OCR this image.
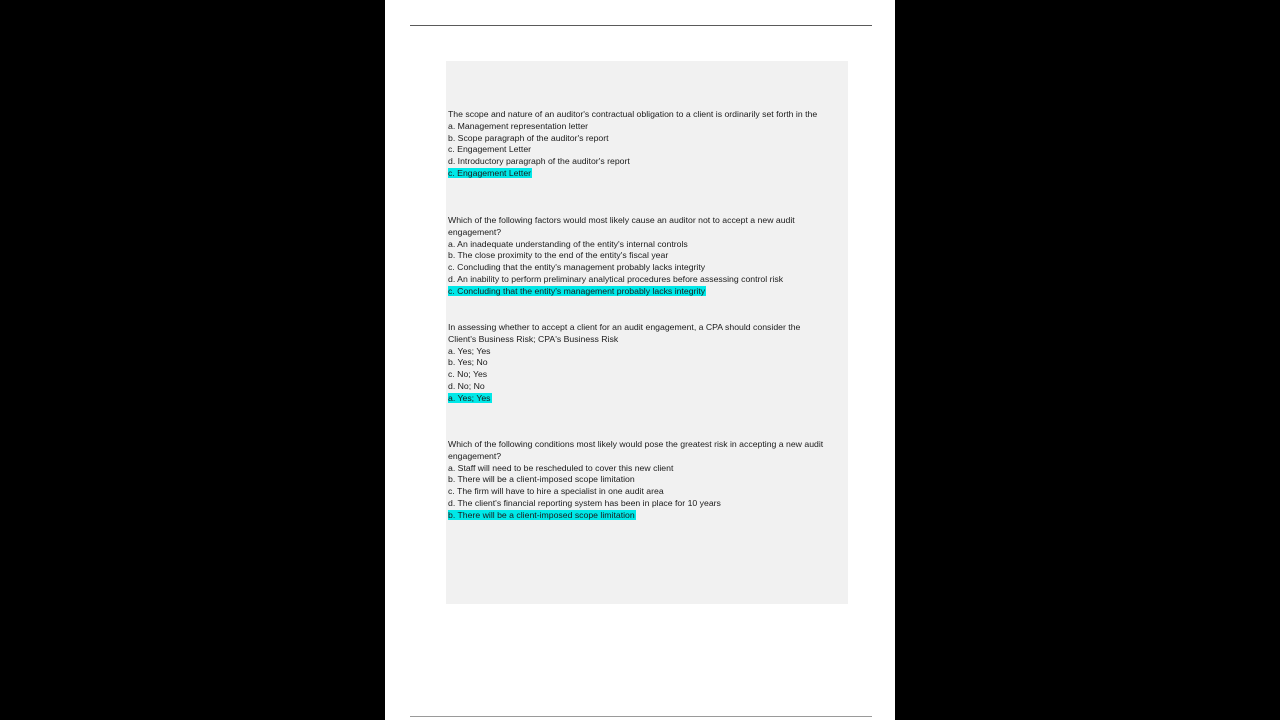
The scope and nature of an auditor's contractual obligation to a client is ordinarily set forth in the

a. Management representation letter

b. Scope paragraph of the auditor's report

c. Engagement Letter

d. Introductory paragraph of the auditor's report

c. Engagement Letter

Which of the following factors would most likely cause an auditor not to accept a new audit engagement?

a. An inadequate understanding of the entity's internal controls

b. The close proximity to the end of the entity's fiscal year

c. Concluding that the entity's management probably lacks integrity

d. An inability to perform preliminary analytical procedures before assessing control risk

c. Concluding that the entity's management probably lacks integrity

In assessing whether to accept a client for an audit engagement, a CPA should consider the

Client's Business Risk; CPA's Business Risk

a. Yes; Yes

b. Yes; No

c. No; Yes

d. No; No

a. Yes; Yes

Which of the following conditions most likely would pose the greatest risk in accepting a new audit engagement?

a. Staff will need to be rescheduled to cover this new client

b. There will be a client-imposed scope limitation

c. The firm will have to hire a specialist in one audit area

d. The client's financial reporting system has been in place for 10 years

b. There will be a client-imposed scope limitation
